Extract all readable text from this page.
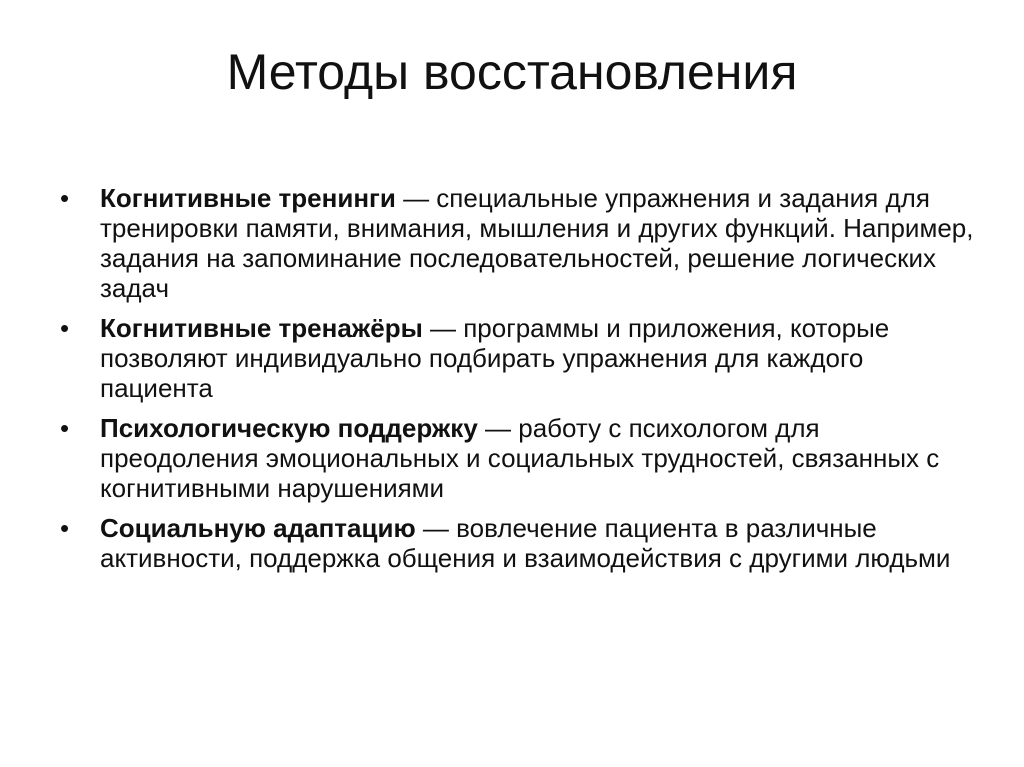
Методы восстановления
•	Когнитивные тренинги — специальные упражнения и задания для тренировки памяти, внимания, мышления и других функций. Например, задания на запоминание последовательностей, решение логических задач
•	Когнитивные тренажёры — программы и приложения, которые позволяют индивидуально подбирать упражнения для каждого пациента
•	Психологическую поддержку — работу с психологом для преодоления эмоциональных и социальных трудностей, связанных с когнитивными нарушениями
•	Социальную адаптацию — вовлечение пациента в различные активности, поддержка общения и взаимодействия с другими людьми
